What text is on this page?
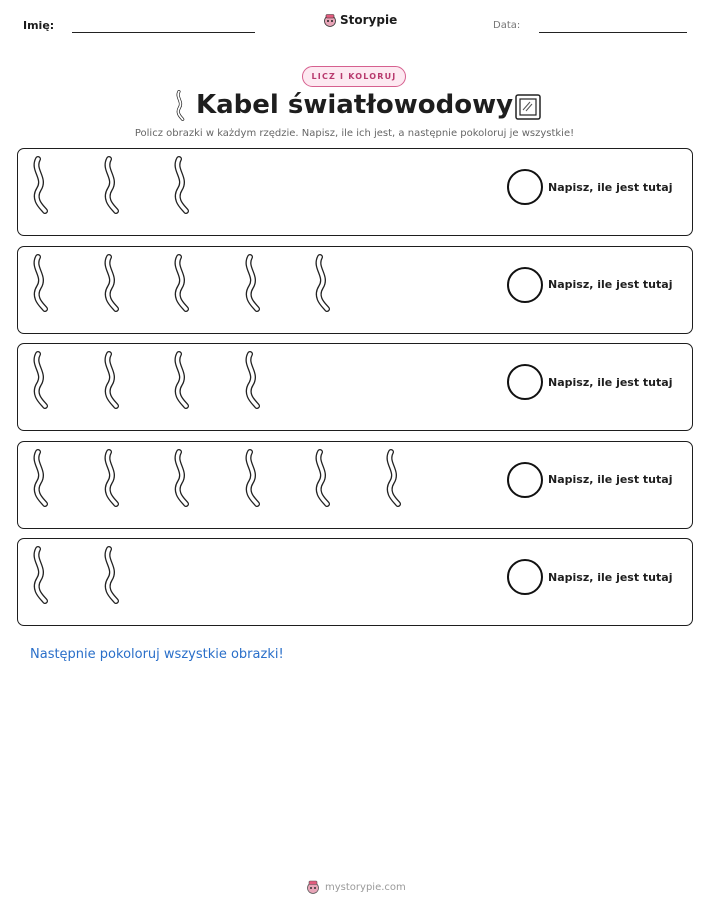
Imię:	Storypie	Data:
LICZ I KOLORUJ
Kabel światłowodowy
Policz obrazki w każdym rzędzie. Napisz, ile ich jest, a następnie pokoloruj je wszystkie!
Napisz, ile jest tutaj
Napisz, ile jest tutaj
Napisz, ile jest tutaj
Napisz, ile jest tutaj
Napisz, ile jest tutaj
Następnie pokoloruj wszystkie obrazki!
mystorypie.com
